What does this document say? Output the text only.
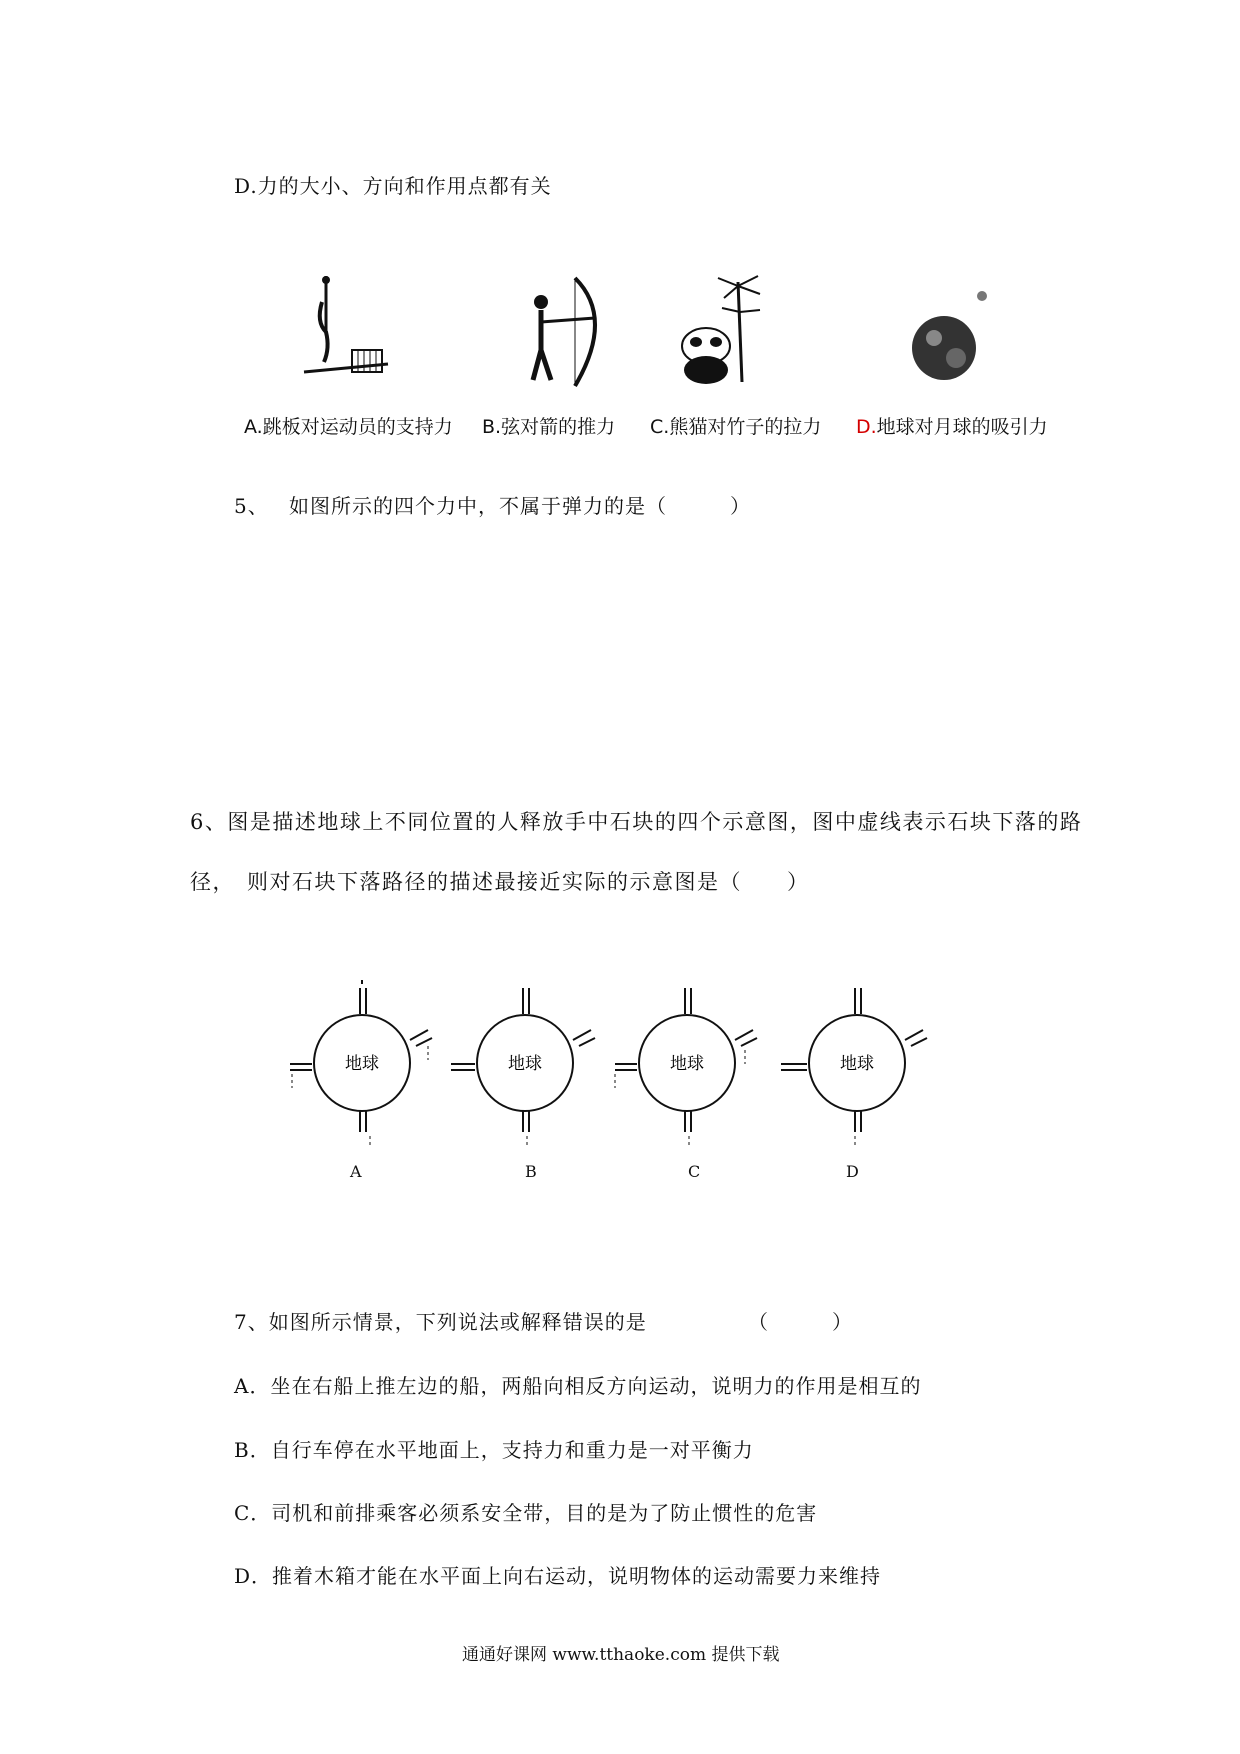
D.力的大小、方向和作用点都有关
A.跳板对运动员的支持力 B.弦对箭的推力 C.熊猫对竹子的拉力 D.地球对月球的吸引力
5、 如图所示的四个力中，不属于弹力的是（　　　）
6、图是描述地球上不同位置的人释放手中石块的四个示意图，图中虚线表示石块下落的路
径，　则对石块下落路径的描述最接近实际的示意图是（　　）
地球	地球	地球	地球
A	B	C	D
7、如图所示情景，下列说法或解释错误的是	（　　　）
A．坐在右船上推左边的船，两船向相反方向运动，说明力的作用是相互的
B．自行车停在水平地面上，支持力和重力是一对平衡力
C．司机和前排乘客必须系安全带，目的是为了防止惯性的危害
D．推着木箱才能在水平面上向右运动，说明物体的运动需要力来维持
通通好课网 www.tthaoke.com 提供下载
